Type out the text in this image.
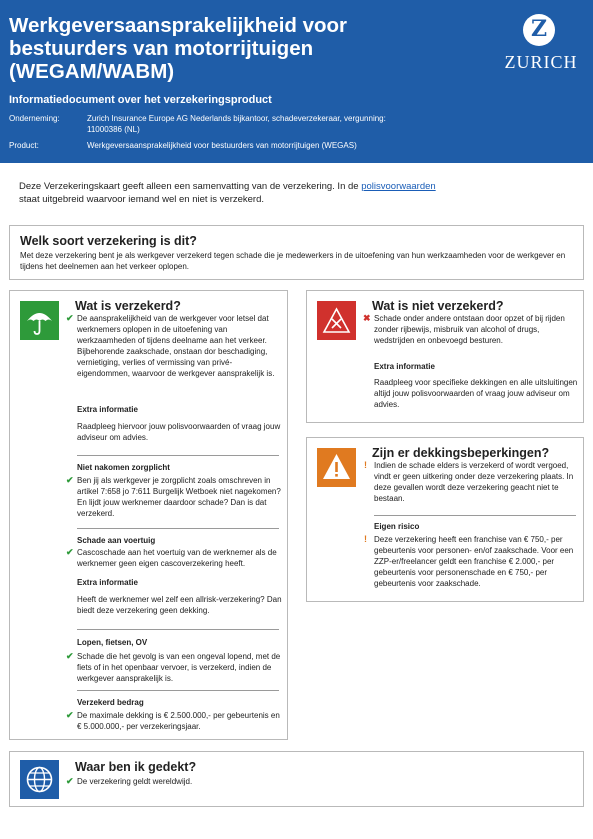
Werkgeversaansprakelijkheid voor bestuurders van motorrijtuigen (WEGAM/WABM)
Z
ZURICH
Informatiedocument over het verzekeringsproduct
Onderneming:	Zurich Insurance Europe AG Nederlands bijkantoor, schadeverzekeraar, vergunning: 11000386 (NL)
Product:	Werkgeversaansprakelijkheid voor bestuurders van motorrijtuigen (WEGAS)
Deze Verzekeringskaart geeft alleen een samenvatting van de verzekering. In de polisvoorwaarden staat uitgebreid waarvoor iemand wel en niet is verzekerd.
Welk soort verzekering is dit?
Met deze verzekering bent je als werkgever verzekerd tegen schade die je medewerkers in de uitoefening van hun werkzaamheden voor de werkgever en tijdens het deelnemen aan het verkeer oplopen.
Wat is verzekerd?
✔ De aansprakelijkheid van de werkgever voor letsel dat werknemers oplopen in de uitoefening van werkzaamheden of tijdens deelname aan het verkeer. Bijbehorende zaakschade, onstaan dor beschadiging, vernietiging, verlies of vermissing van privé-eigendommen, waarvoor de werkgever aansprakelijk is.
Extra informatie
Raadpleeg hiervoor jouw polisvoorwaarden of vraag jouw adviseur om advies.
Niet nakomen zorgplicht
✔ Ben jij als werkgever je zorgplicht zoals omschreven in artikel 7:658 jo 7:611 Burgelijk Wetboek niet nagekomen? En lijdt jouw werknemer daardoor schade? Dan is dat verzekerd.
Schade aan voertuig
✔ Cascoschade aan het voertuig van de werknemer als de werknemer geen eigen cascoverzekering heeft.
Extra informatie
Heeft de werknemer wel zelf een allrisk-verzekering? Dan biedt deze verzekering geen dekking.
Lopen, fietsen, OV
✔ Schade die het gevolg is van een ongeval lopend, met de fiets of in het openbaar vervoer, is verzekerd, indien de werkgever aansprakelijk is.
Verzekerd bedrag
✔ De maximale dekking is € 2.500.000,- per gebeurtenis en € 5.000.000,- per verzekeringsjaar.
Wat is niet verzekerd?
✖ Schade onder andere ontstaan door opzet of bij rijden zonder rijbewijs, misbruik van alcohol of drugs, wedstrijden en onbevoegd besturen.
Extra informatie
Raadpleeg voor specifieke dekkingen en alle uitsluitingen altijd jouw polisvoorwaarden of vraag jouw adviseur om advies.
Zijn er dekkingsbeperkingen?
! Indien de schade elders is verzekerd of wordt vergoed, vindt er geen uitkering onder deze verzekering plaats. In deze gevallen wordt deze verzekering geacht niet te bestaan.
Eigen risico
! Deze verzekering heeft een franchise van € 750,- per gebeurtenis voor personen- en/of zaakschade. Voor een ZZP-er/freelancer geldt een franchise € 2.000,- per gebeurtenis voor personenschade en € 750,- per gebeurtenis voor zaakschade.
Waar ben ik gedekt?
✔ De verzekering geldt wereldwijd.
